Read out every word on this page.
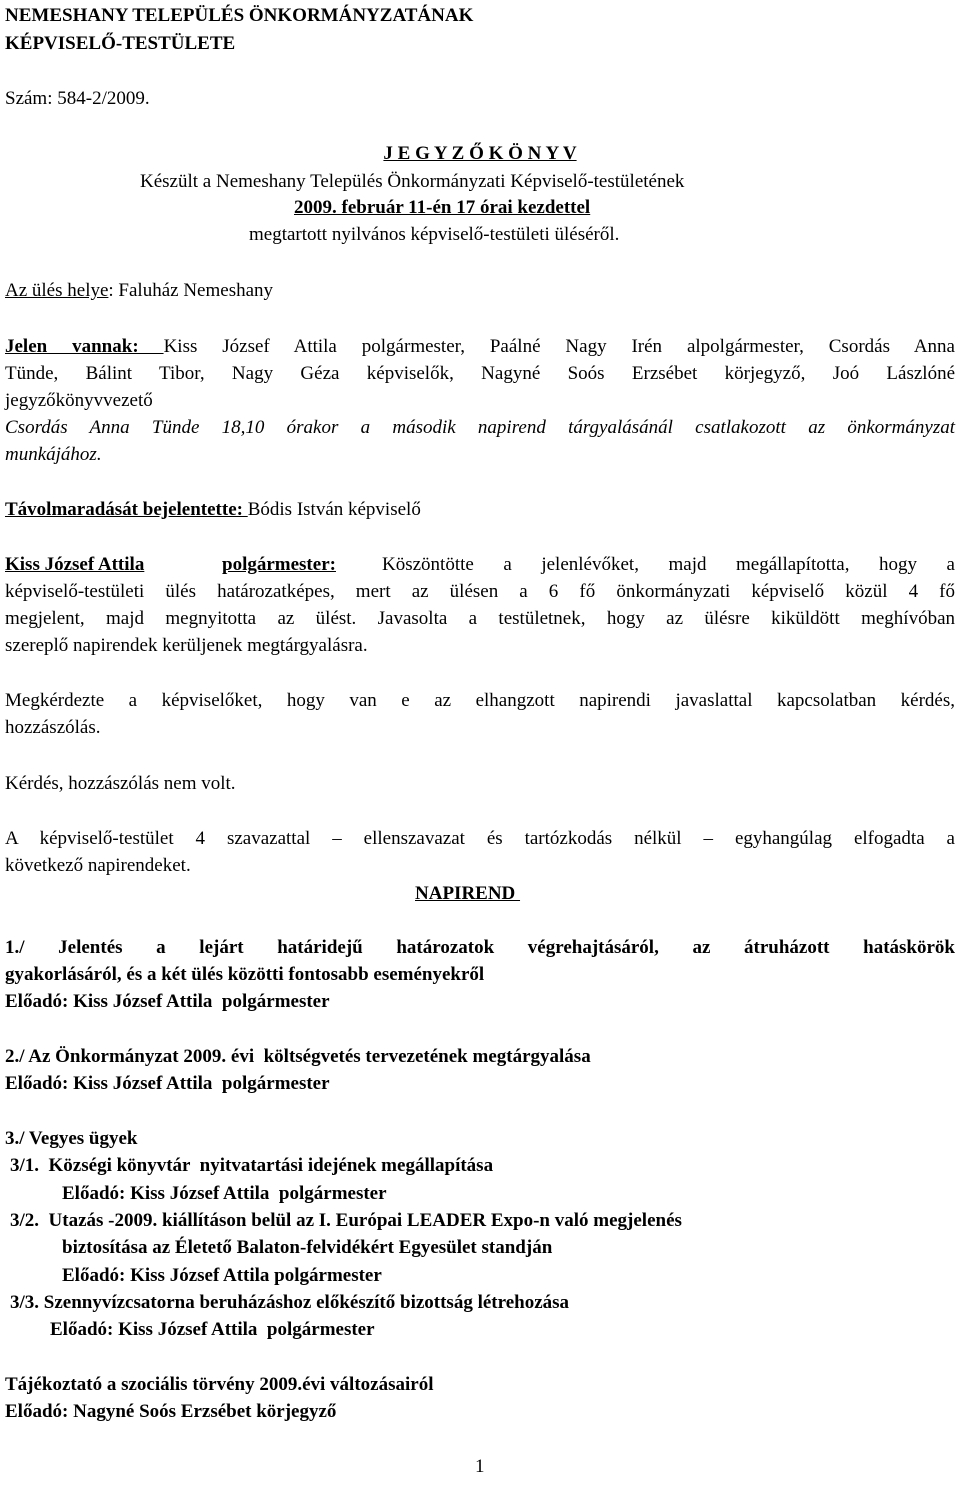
NEMESHANY TELEPÜLÉS ÖNKORMÁNYZATÁNAK
KÉPVISELŐ-TESTÜLETE
Szám: 584-2/2009.
J E G Y Z Ő K Ö N Y V
Készült a Nemeshany Település Önkormányzati Képviselő-testületének
2009. február 11-én 17 órai kezdettel
megtartott nyilvános képviselő-testületi üléséről.
Az ülés helye: Faluház Nemeshany
Jelen vannak: Kiss József Attila polgármester, Paálné Nagy Irén alpolgármester, Csordás Anna
Tünde, Bálint Tibor, Nagy Géza képviselők, Nagyné Soós Erzsébet körjegyző, Joó Lászlóné
jegyzőkönyvvezető
Csordás Anna Tünde 18,10 órakor a második napirend tárgyalásánál csatlakozott az önkormányzat
munkájához.
Távolmaradását bejelentette: Bódis István képviselő
Kiss József Attila	polgármester: Köszöntötte a jelenlévőket, majd megállapította, hogy a
képviselő-testületi ülés határozatképes, mert az ülésen a 6 fő önkormányzati képviselő közül 4 fő
megjelent, majd megnyitotta az ülést. Javasolta a testületnek, hogy az ülésre kiküldött meghívóban
szereplő napirendek kerüljenek megtárgyalásra.
Megkérdezte a képviselőket, hogy van e az elhangzott napirendi javaslattal kapcsolatban kérdés,
hozzászólás.
Kérdés, hozzászólás nem volt.
A képviselő-testület 4 szavazattal – ellenszavazat és tartózkodás nélkül – egyhangúlag elfogadta a
következő napirendeket.
NAPIREND
1./ Jelentés a lejárt határidejű határozatok végrehajtásáról, az átruházott hatáskörök
gyakorlásáról, és a két ülés közötti fontosabb eseményekről
Előadó: Kiss József Attila  polgármester
2./ Az Önkormányzat 2009. évi  költségvetés tervezetének megtárgyalása
Előadó: Kiss József Attila  polgármester
3./ Vegyes ügyek
3/1.  Községi könyvtár  nyitvatartási idejének megállapítása
Előadó: Kiss József Attila  polgármester
3/2.  Utazás -2009. kiállításon belül az I. Európai LEADER Expo-n való megjelenés
biztosítása az Életető Balaton-felvidékért Egyesület standján
Előadó: Kiss József Attila polgármester
3/3. Szennyvízcsatorna beruházáshoz előkészítő bizottság létrehozása
Előadó: Kiss József Attila  polgármester
Tájékoztató a szociális törvény 2009.évi változásairól
Előadó: Nagyné Soós Erzsébet körjegyző
1
